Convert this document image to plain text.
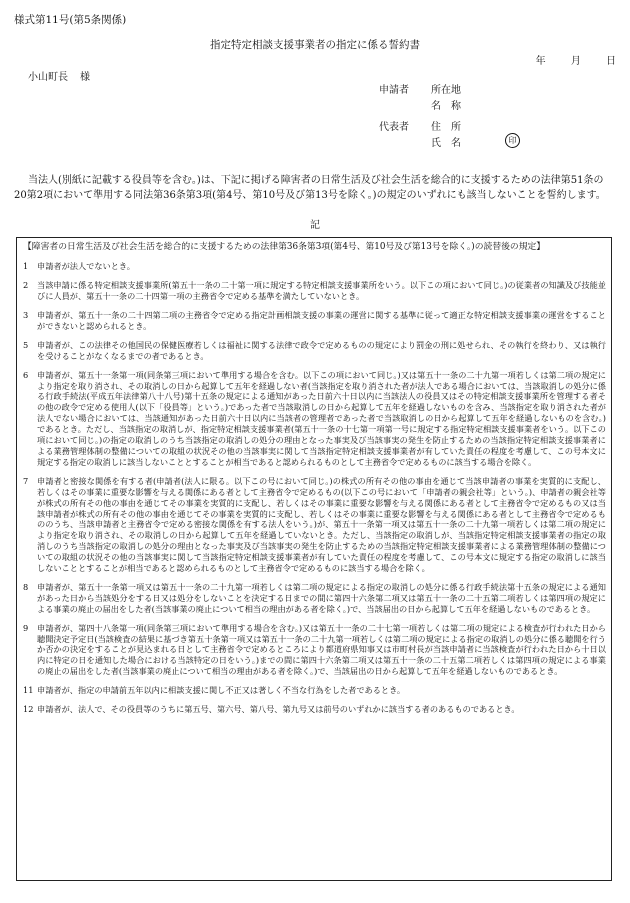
様式第11号(第5条関係)
指定特定相談支援事業者の指定に係る誓約書
年	月	日
小山町長 様
申請者 所在地
名　称
代表者 住　所
氏　名	印
当法人(別紙に記載する役員等を含む。)は、下記に掲げる障害者の日常生活及び社会生活を総合的に支援するための法律第51条の20第2項において準用する同法第36条第3項(第4号、第10号及び第13号を除く。)の規定のいずれにも該当しないことを誓約します。
記
【障害者の日常生活及び社会生活を総合的に支援するための法律第36条第3項(第4号、第10号及び第13号を除く。)の読替後の規定】
1	申請者が法人でないとき。
2	当該申請に係る特定相談支援事業所(第五十一条の二十第一項に規定する特定相談支援事業所をいう。以下この項において同じ。)の従業者の知識及び技能並びに人員が、第五十一条の二十四第一項の主務省令で定める基準を満たしていないとき。
3	申請者が、第五十一条の二十四第二項の主務省令で定める指定計画相談支援の事業の運営に関する基準に従って適正な特定相談支援事業の運営をすることができないと認められるとき。
5	申請者が、この法律その他国民の保健医療若しくは福祉に関する法律で政令で定めるものの規定により罰金の刑に処せられ、その執行を終わり、又は執行を受けることがなくなるまでの者であるとき。
6	申請者が、第五十一条第一項(同条第三項において準用する場合を含む。以下この項において同じ。)又は第五十一条の二十九第一項若しくは第二項の規定により指定を取り消され、その取消しの日から起算して五年を経過しない者(当該指定を取り消された者が法人である場合においては、当該取消しの処分に係る行政手続法(平成五年法律第八十八号)第十五条の規定による通知があった日前六十日以内に当該法人の役員又はその特定相談支援事業所を管理する者その他の政令で定める使用人(以下「役員等」という。)であった者で当該取消しの日から起算して五年を経過しないものを含み、当該指定を取り消された者が法人でない場合においては、当該通知があった日前六十日以内に当該者の管理者であった者で当該取消しの日から起算して五年を経過しないものを含む。)であるとき。ただし、当該指定の取消しが、指定特定相談支援事業者(第五十一条の十七第一項第一号に規定する指定特定相談支援事業者をいう。以下この項において同じ。)の指定の取消しのうち当該指定の取消しの処分の理由となった事実及び当該事実の発生を防止するための当該指定特定相談支援事業者による業務管理体制の整備についての取組の状況その他の当該事実に関して当該指定特定相談支援事業者が有していた責任の程度を考慮して、この号本文に規定する指定の取消しに該当しないこととすることが相当であると認められるものとして主務省令で定めるものに該当する場合を除く。
7	申請者と密接な関係を有する者(申請者(法人に限る。以下この号において同じ。)の株式の所有その他の事由を通じて当該申請者の事業を実質的に支配し、若しくはその事業に重要な影響を与える関係にある者として主務省令で定めるもの(以下この号において「申請者の親会社等」という。)、申請者の親会社等が株式の所有その他の事由を通じてその事業を実質的に支配し、若しくはその事業に重要な影響を与える関係にある者として主務省令で定めるもの又は当該申請者が株式の所有その他の事由を通じてその事業を実質的に支配し、若しくはその事業に重要な影響を与える関係にある者として主務省令で定めるもののうち、当該申請者と主務省令で定める密接な関係を有する法人をいう。)が、第五十一条第一項又は第五十一条の二十九第一項若しくは第二項の規定により指定を取り消され、その取消しの日から起算して五年を経過していないとき。ただし、当該指定の取消しが、当該指定特定相談支援事業者の指定の取消しのうち当該指定の取消しの処分の理由となった事実及び当該事実の発生を防止するための当該指定特定相談支援事業者による業務管理体制の整備についての取組の状況その他の当該事実に関して当該指定特定相談支援事業者が有していた責任の程度を考慮して、この号本文に規定する指定の取消しに該当しないこととすることが相当であると認められるものとして主務省令で定めるものに該当する場合を除く。
8	申請者が、第五十一条第一項又は第五十一条の二十九第一項若しくは第二項の規定による指定の取消しの処分に係る行政手続法第十五条の規定による通知があった日から当該処分をする日又は処分をしないことを決定する日までの間に第四十六条第二項又は第五十一条の二十五第二項若しくは第四項の規定による事業の廃止の届出をした者(当該事業の廃止について相当の理由がある者を除く。)で、当該届出の日から起算して五年を経過しないものであるとき。
9	申請者が、第四十八条第一項(同条第三項において準用する場合を含む。)又は第五十一条の二十七第一項若しくは第二項の規定による検査が行われた日から聴聞決定予定日(当該検査の結果に基づき第五十条第一項又は第五十一条の二十九第一項若しくは第二項の規定による指定の取消しの処分に係る聴聞を行うか否かの決定をすることが見込まれる日として主務省令で定めるところにより都道府県知事又は市町村長が当該申請者に当該検査が行われた日から十日以内に特定の日を通知した場合における当該特定の日をいう。)までの間に第四十六条第二項又は第五十一条の二十五第二項若しくは第四項の規定による事業の廃止の届出をした者(当該事業の廃止について相当の理由がある者を除く。)で、当該届出の日から起算して五年を経過しないものであるとき。
11 申請者が、指定の申請前五年以内に相談支援に関し不正又は著しく不当な行為をした者であるとき。
12 申請者が、法人で、その役員等のうちに第五号、第六号、第八号、第九号又は前号のいずれかに該当する者のあるものであるとき。
